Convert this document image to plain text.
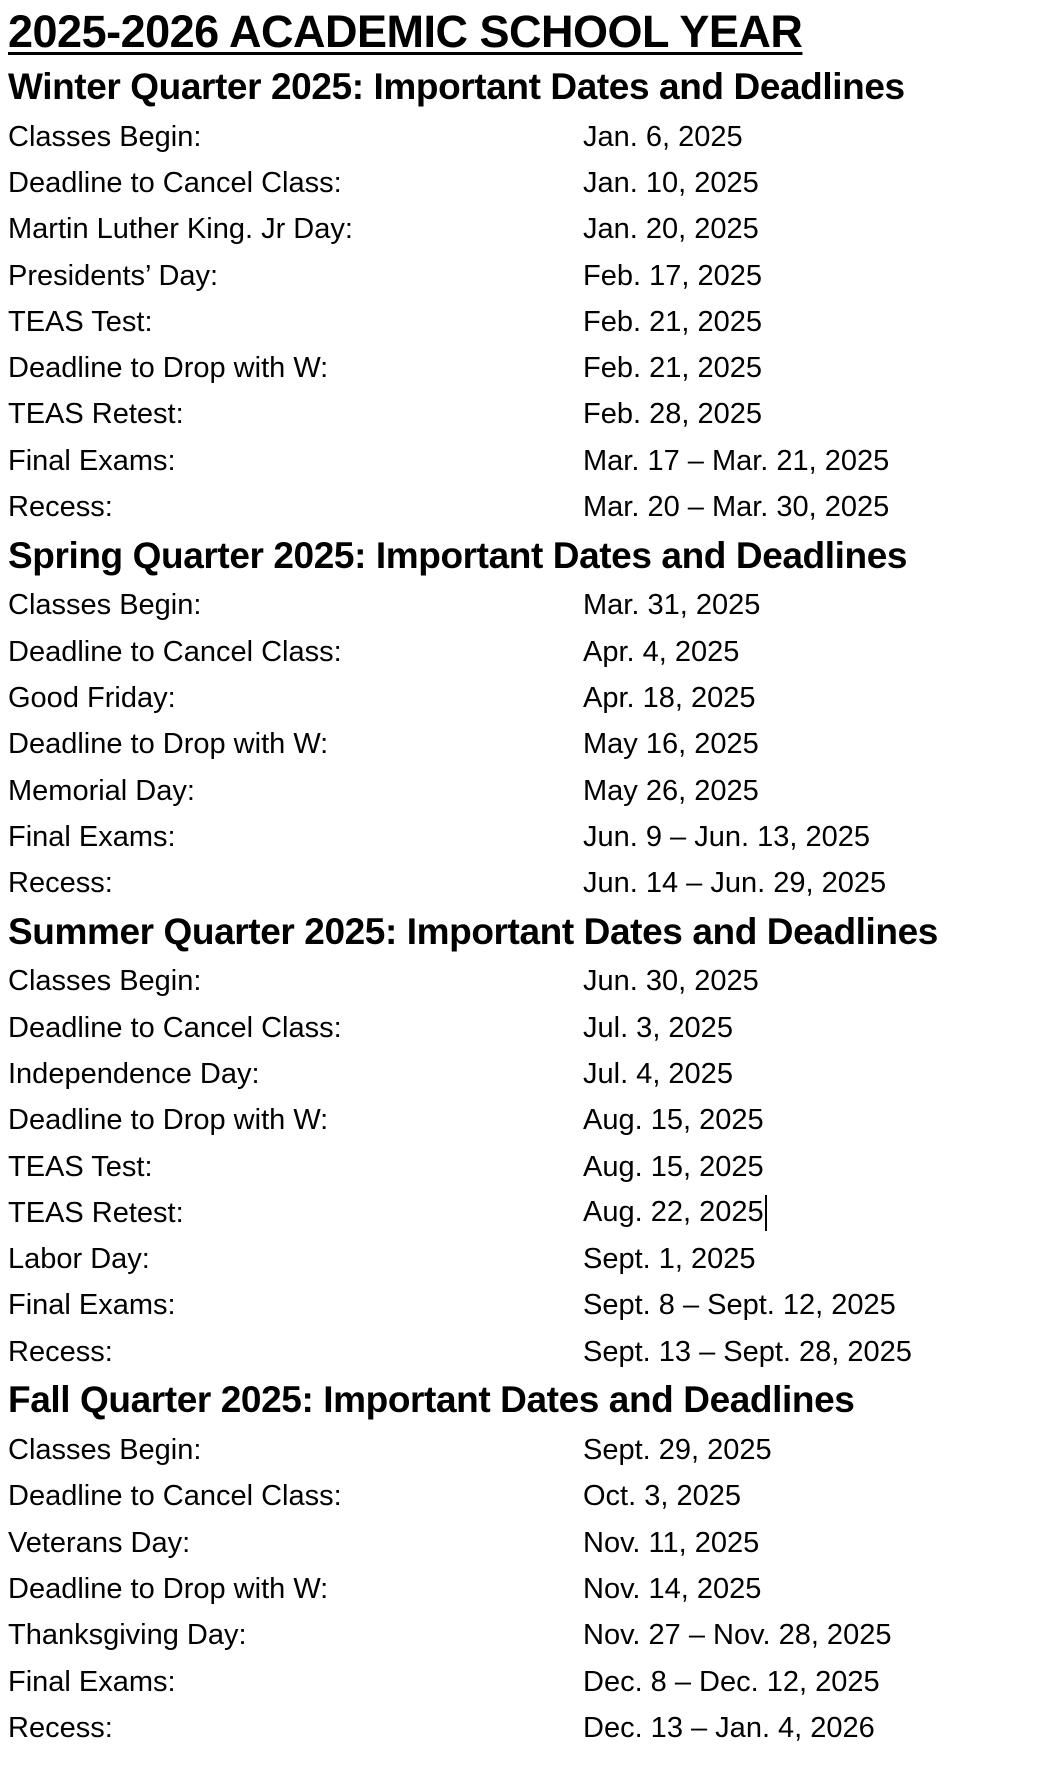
2025-2026 ACADEMIC SCHOOL YEAR
Winter Quarter 2025: Important Dates and Deadlines
Classes Begin:	Jan. 6, 2025
Deadline to Cancel Class:	Jan. 10, 2025
Martin Luther King. Jr Day:	Jan. 20, 2025
Presidents’ Day:	Feb. 17, 2025
TEAS Test:	Feb. 21, 2025
Deadline to Drop with W:	Feb. 21, 2025
TEAS Retest:	Feb. 28, 2025
Final Exams:	Mar. 17 – Mar. 21, 2025
Recess:	Mar. 20 – Mar. 30, 2025
Spring Quarter 2025: Important Dates and Deadlines
Classes Begin:	Mar. 31, 2025
Deadline to Cancel Class:	Apr. 4, 2025
Good Friday:	Apr. 18, 2025
Deadline to Drop with W:	May 16, 2025
Memorial Day:	May 26, 2025
Final Exams:	Jun. 9 – Jun. 13, 2025
Recess:	Jun. 14 – Jun. 29, 2025
Summer Quarter 2025: Important Dates and Deadlines
Classes Begin:	Jun. 30, 2025
Deadline to Cancel Class:	Jul. 3, 2025
Independence Day:	Jul. 4, 2025
Deadline to Drop with W:	Aug. 15, 2025
TEAS Test:	Aug. 15, 2025
TEAS Retest:	Aug. 22, 2025
Labor Day:	Sept. 1, 2025
Final Exams:	Sept. 8 – Sept. 12, 2025
Recess:	Sept. 13 – Sept. 28, 2025
Fall Quarter 2025: Important Dates and Deadlines
Classes Begin:	Sept. 29, 2025
Deadline to Cancel Class:	Oct. 3, 2025
Veterans Day:	Nov. 11, 2025
Deadline to Drop with W:	Nov. 14, 2025
Thanksgiving Day:	Nov. 27 – Nov. 28, 2025
Final Exams:	Dec. 8 – Dec. 12, 2025
Recess:	Dec. 13 – Jan. 4, 2026
